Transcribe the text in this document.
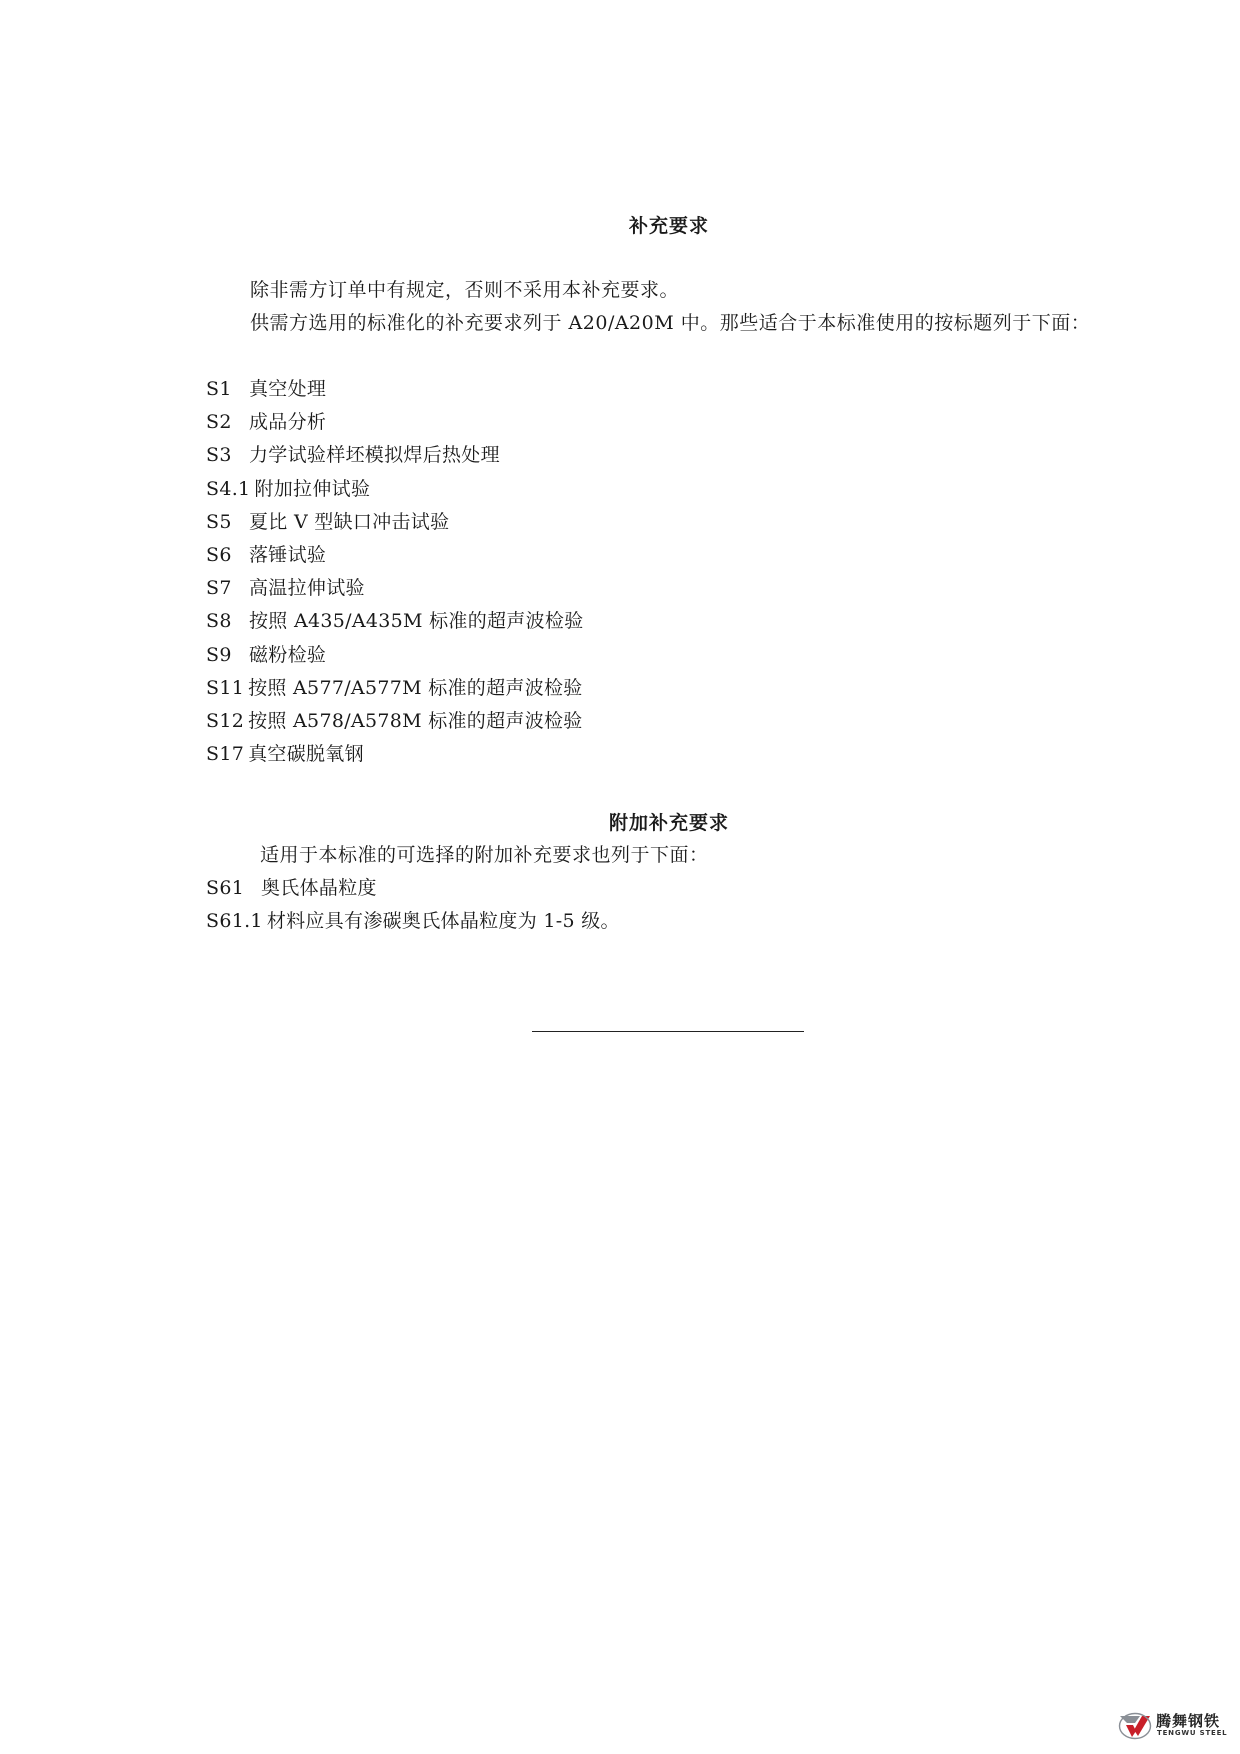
补充要求
除非需方订单中有规定，否则不采用本补充要求。
供需方选用的标准化的补充要求列于 A20/A20M 中。那些适合于本标准使用的按标题列于下面：
S1 真空处理
S2 成品分析
S3 力学试验样坯模拟焊后热处理
S4.1 附加拉伸试验
S5 夏比 V 型缺口冲击试验
S6 落锤试验
S7 高温拉伸试验
S8 按照 A435/A435M 标准的超声波检验
S9 磁粉检验
S11 按照 A577/A577M 标准的超声波检验
S12 按照 A578/A578M 标准的超声波检验
S17 真空碳脱氧钢
附加补充要求
适用于本标准的可选择的附加补充要求也列于下面：
S61 奥氏体晶粒度
S61.1 材料应具有渗碳奥氏体晶粒度为 1-5 级。
腾舞钢铁
TENGWU STEEL
